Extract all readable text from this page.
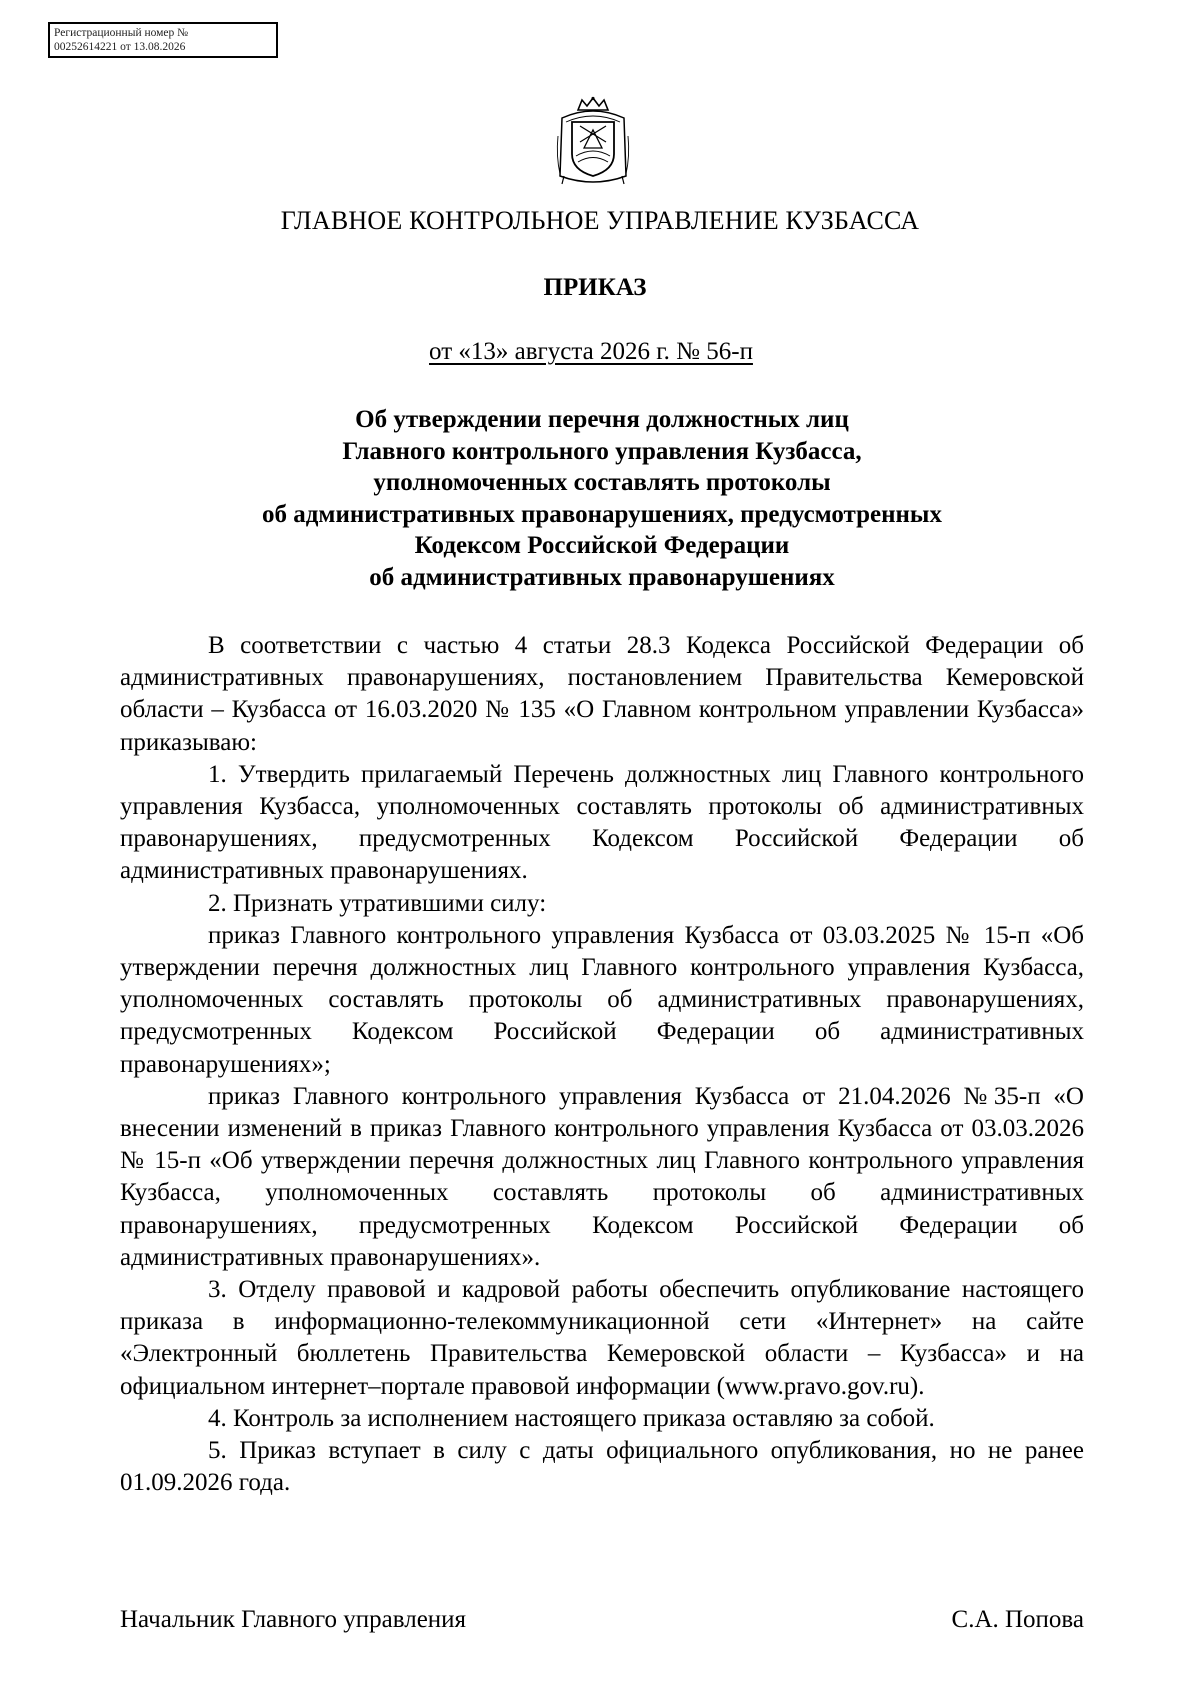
Регистрационный номер №
00252614221 от 13.08.2026
ГЛАВНОЕ КОНТРОЛЬНОЕ УПРАВЛЕНИЕ КУЗБАССА
ПРИКАЗ
от «13» августа 2026 г. № 56-п
Об утверждении перечня должностных лиц
Главного контрольного управления Кузбасса,
уполномоченных составлять протоколы
об административных правонарушениях, предусмотренных
Кодексом Российской Федерации
об административных правонарушениях

В соответствии с частью 4 статьи 28.3 Кодекса Российской Федерации об административных правонарушениях, постановлением Правительства Кемеровской области – Кузбасса от 16.03.2020 № 135 «О Главном контрольном управлении Кузбасса» приказываю:

1. Утвердить прилагаемый Перечень должностных лиц Главного контрольного управления Кузбасса, уполномоченных составлять протоколы об административных правонарушениях, предусмотренных Кодексом Российской Федерации об административных правонарушениях.

2. Признать утратившими силу:

приказ Главного контрольного управления Кузбасса от 03.03.2025 № 15-п «Об утверждении перечня должностных лиц Главного контрольного управления Кузбасса, уполномоченных составлять протоколы об административных правонарушениях, предусмотренных Кодексом Российской Федерации об административных правонарушениях»;

приказ Главного контрольного управления Кузбасса от 21.04.2026 №35-п «О внесении изменений в приказ Главного контрольного управления Кузбасса от 03.03.2026 № 15-п «Об утверждении перечня должностных лиц Главного контрольного управления Кузбасса, уполномоченных составлять протоколы об административных правонарушениях, предусмотренных Кодексом Российской Федерации об административных правонарушениях».

3. Отделу правовой и кадровой работы обеспечить опубликование настоящего приказа в информационно-телекоммуникационной сети «Интернет» на сайте «Электронный бюллетень Правительства Кемеровской области – Кузбасса» и на официальном интернет–портале правовой информации (www.pravo.gov.ru).

4. Контроль за исполнением настоящего приказа оставляю за собой.

5. Приказ вступает в силу с даты официального опубликования, но не ранее 01.09.2026 года.

Начальник Главного управления	С.А. Попова
